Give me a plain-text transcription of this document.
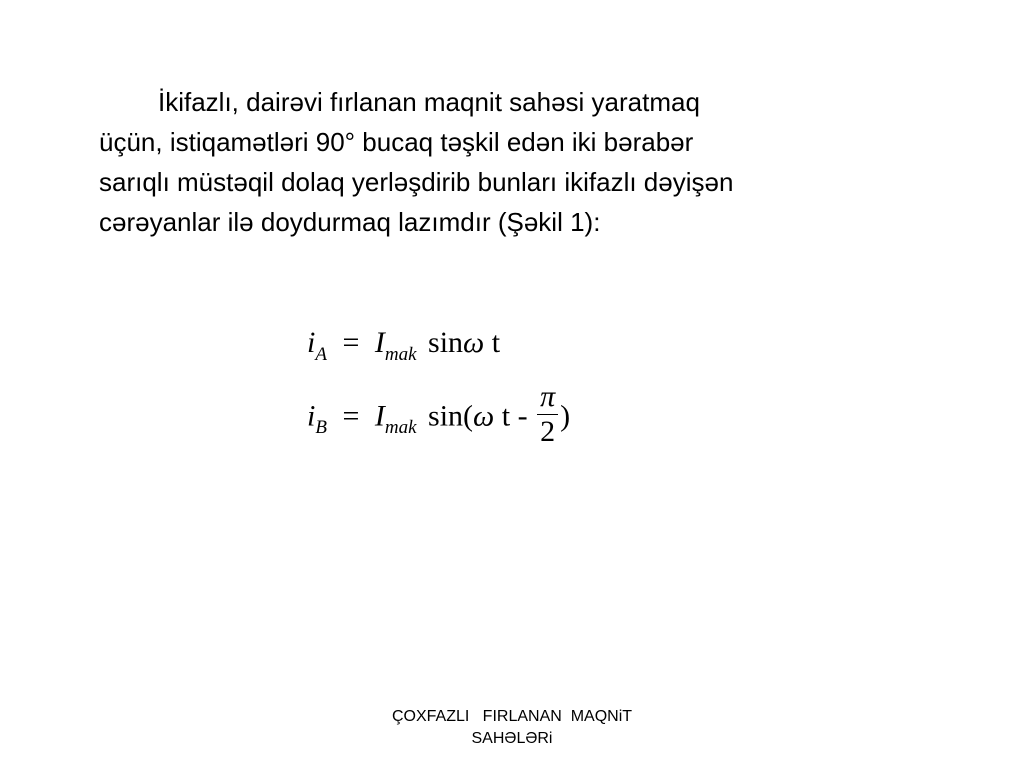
İkifazlı, dairəvi fırlanan maqnit sahəsi yaratmaq
üçün, istiqamətləri 90° bucaq təşkil edən iki bərabər
sarıqlı müstəqil dolaq yerləşdirib bunları ikifazlı dəyişən
cərəyanlar ilə doydurmaq lazımdır (Şəkil 1):

$i_A = I_{mak}$ sinω t
$i_B = I_{mak}$ sin(ω t - $\frac{\pi}{2}$ )
ÇOXFAZLI   FIRLANAN  MAQNiT
SAHƏLƏRi
